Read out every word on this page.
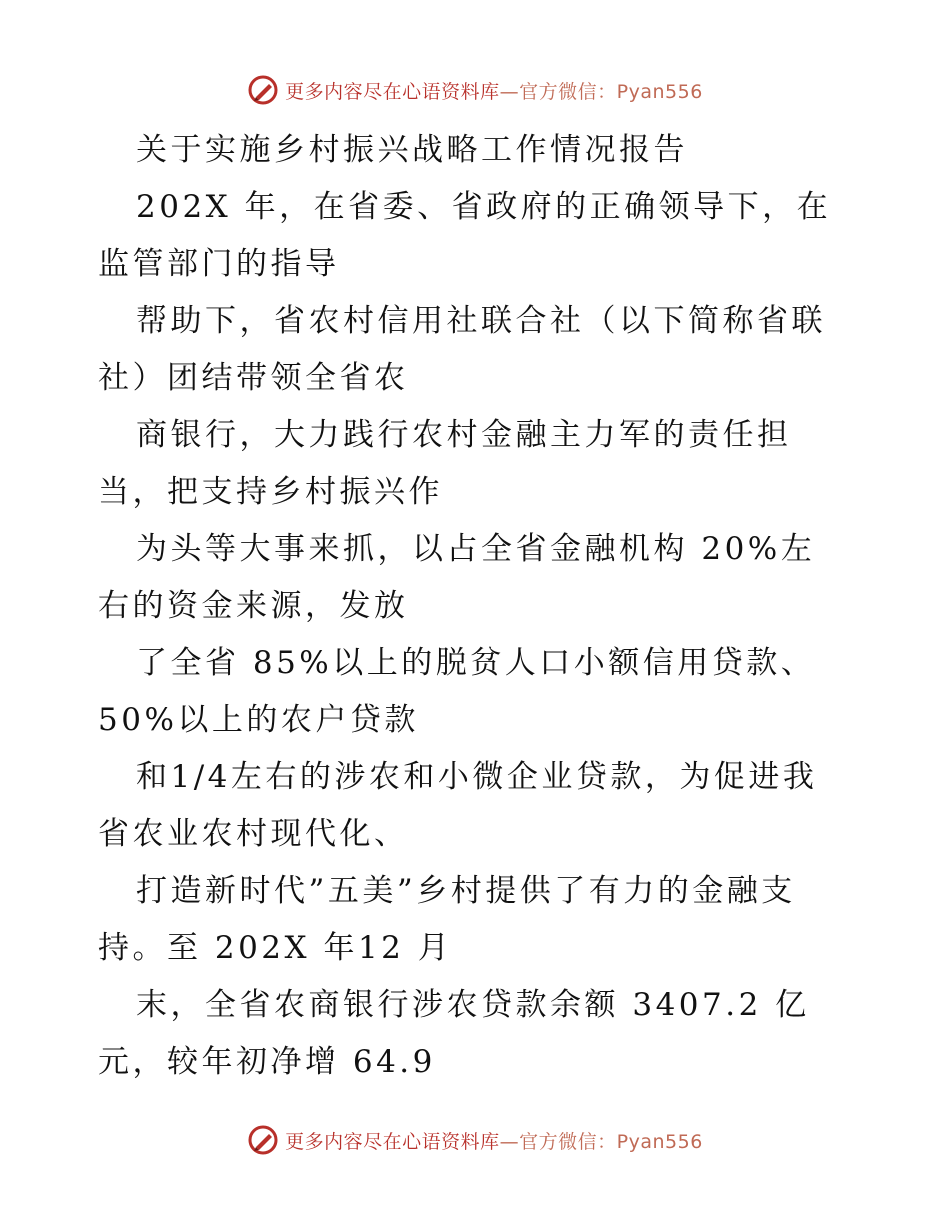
更多内容尽在心语资料库—官方微信：Pyan556

关于实施乡村振兴战略工作情况报告

202X 年，在省委、省政府的正确领导下，在监管部门的指导

帮助下，省农村信用社联合社（以下简称省联社）团结带领全省农

商银行，大力践行农村金融主力军的责任担当，把支持乡村振兴作

为头等大事来抓，以占全省金融机构 20%左右的资金来源，发放

了全省 85%以上的脱贫人口小额信用贷款、50%以上的农户贷款

和1/4左右的涉农和小微企业贷款，为促进我省农业农村现代化、

打造新时代”五美”乡村提供了有力的金融支持。至 202X 年12 月

末，全省农商银行涉农贷款余额 3407.2 亿元，较年初净增 64.9

更多内容尽在心语资料库—官方微信：Pyan556
